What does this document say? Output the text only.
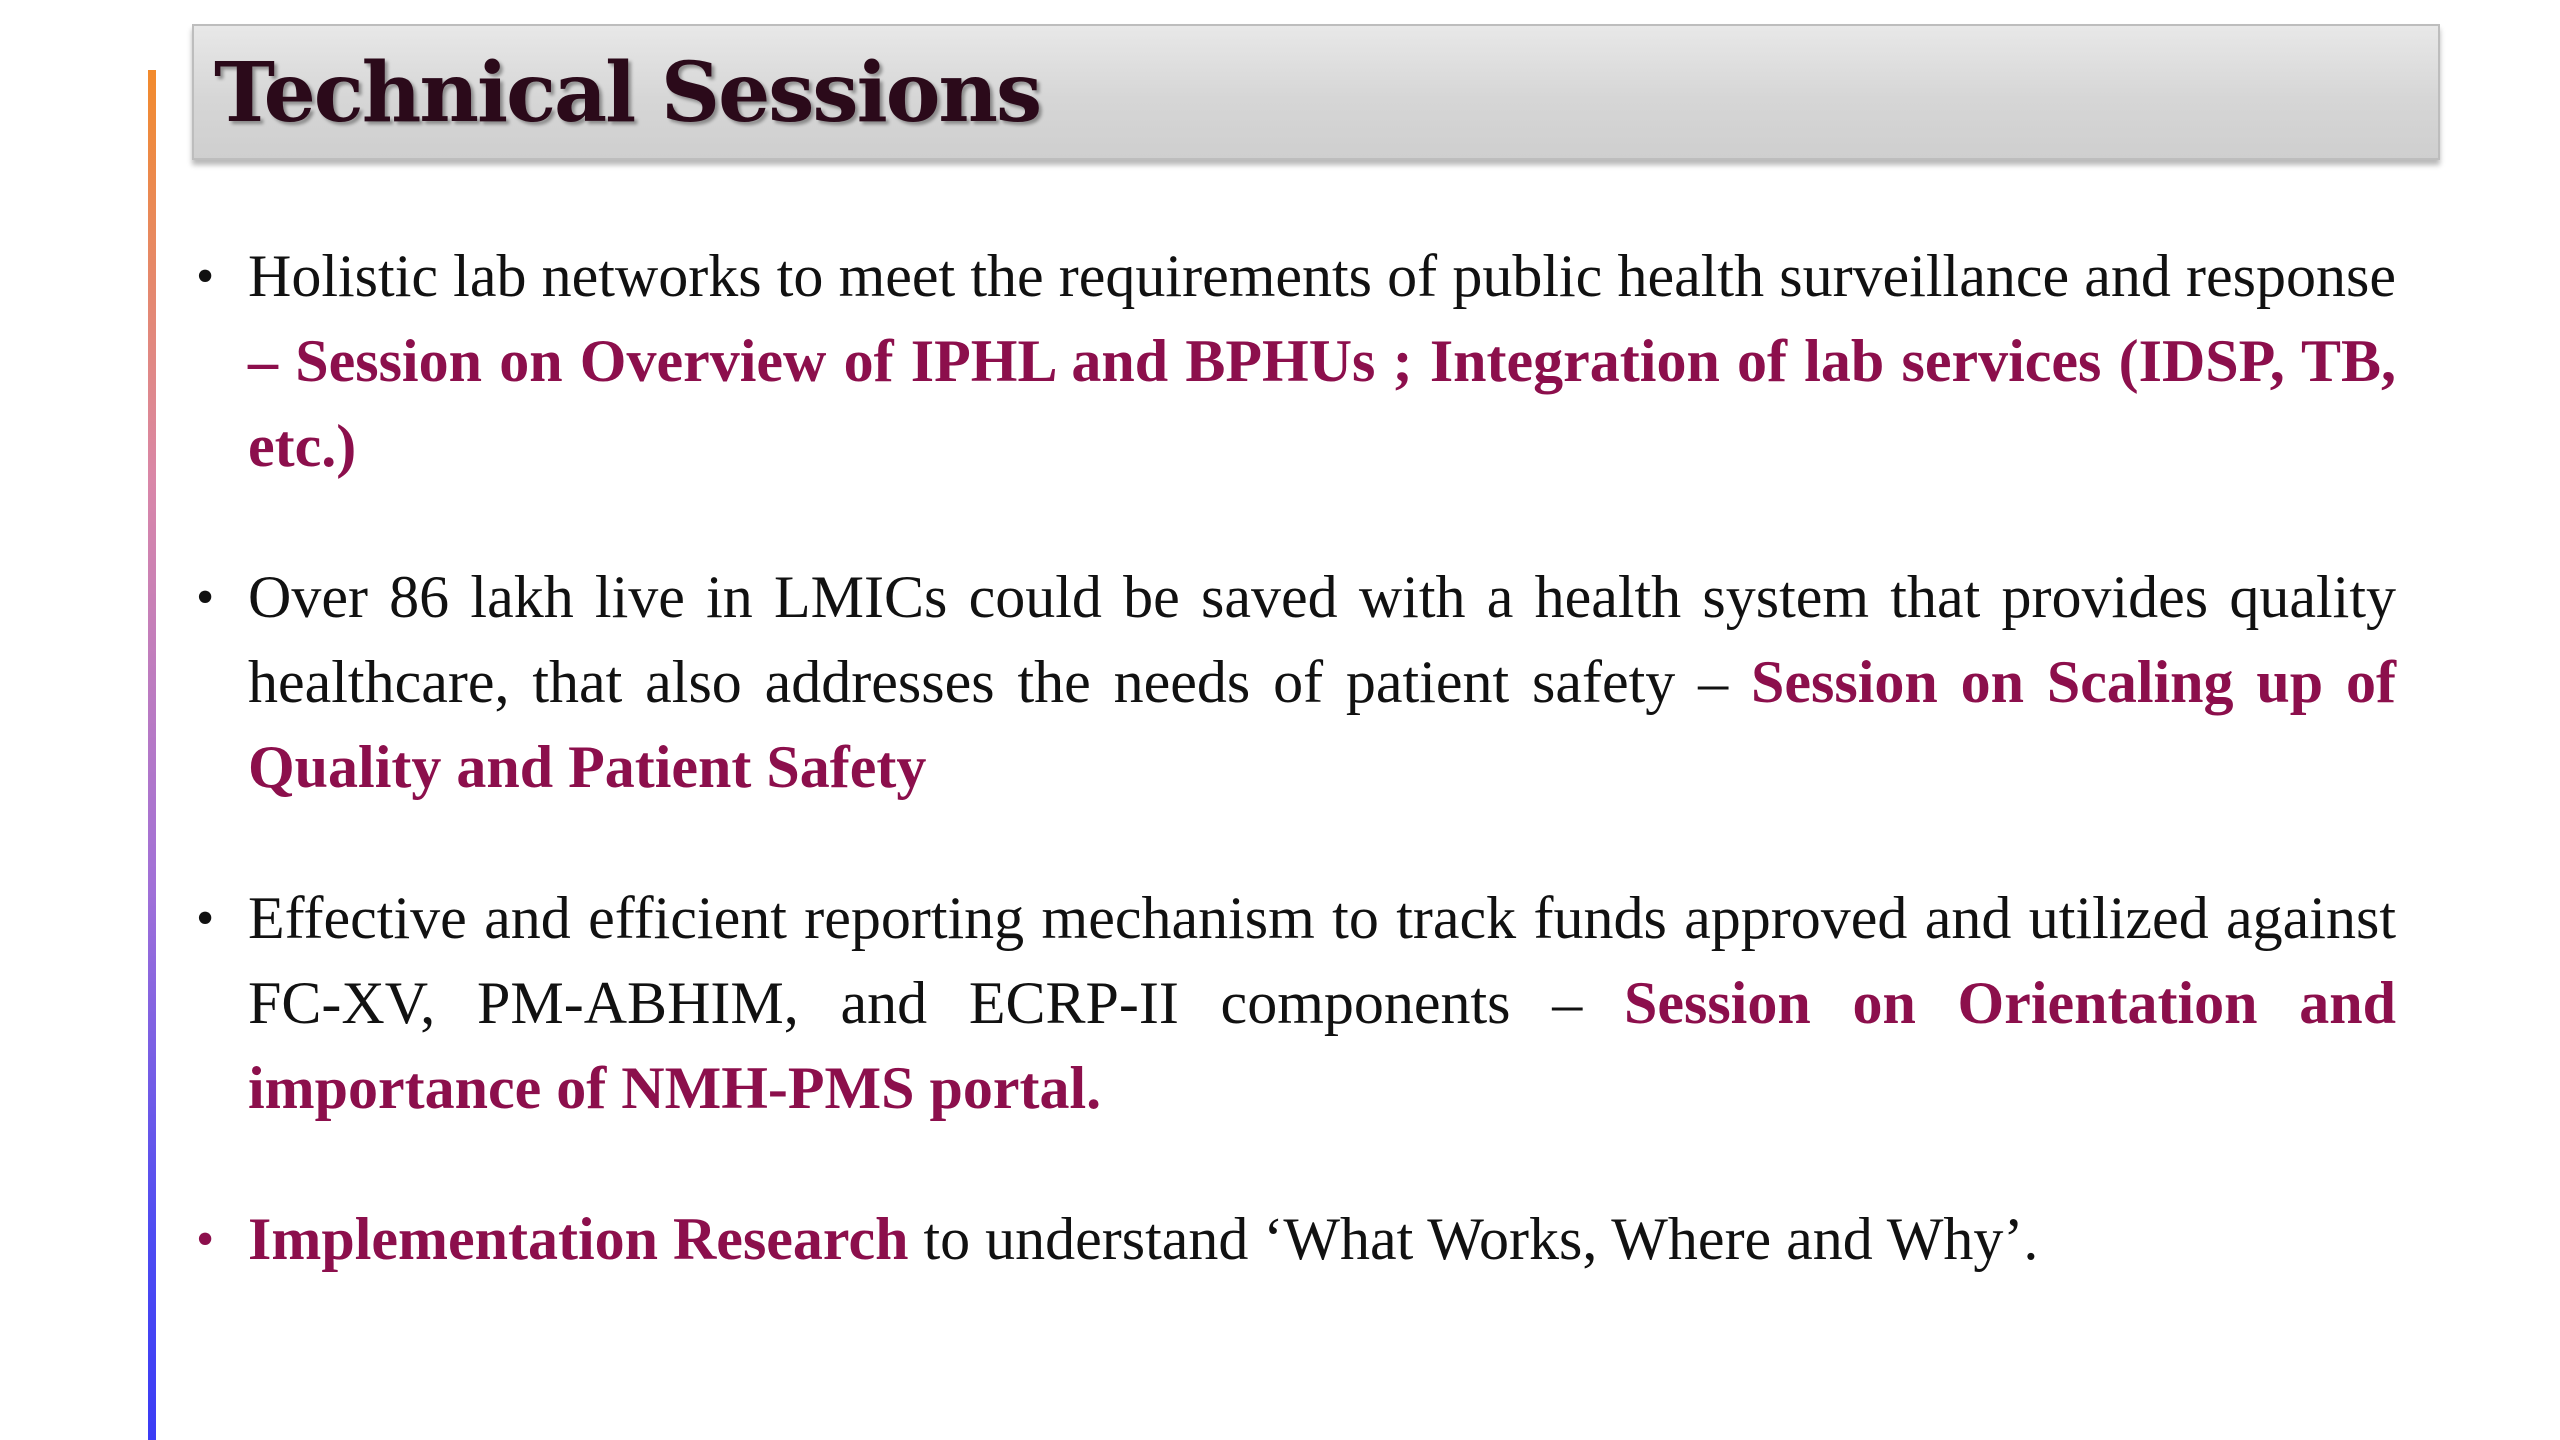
Technical Sessions
• Holistic lab networks to meet the requirements of public health surveillance and response – Session on Overview of IPHL and BPHUs ; Integration of lab services (IDSP, TB, etc.)
• Over 86 lakh live in LMICs could be saved with a health system that provides quality healthcare, that also addresses the needs of patient safety – Session on Scaling up of Quality and Patient Safety
• Effective and efficient reporting mechanism to track funds approved and utilized against FC-XV, PM-ABHIM, and ECRP-II components – Session on Orientation and importance of NMH-PMS portal.
• Implementation Research to understand ‘What Works, Where and Why’.
